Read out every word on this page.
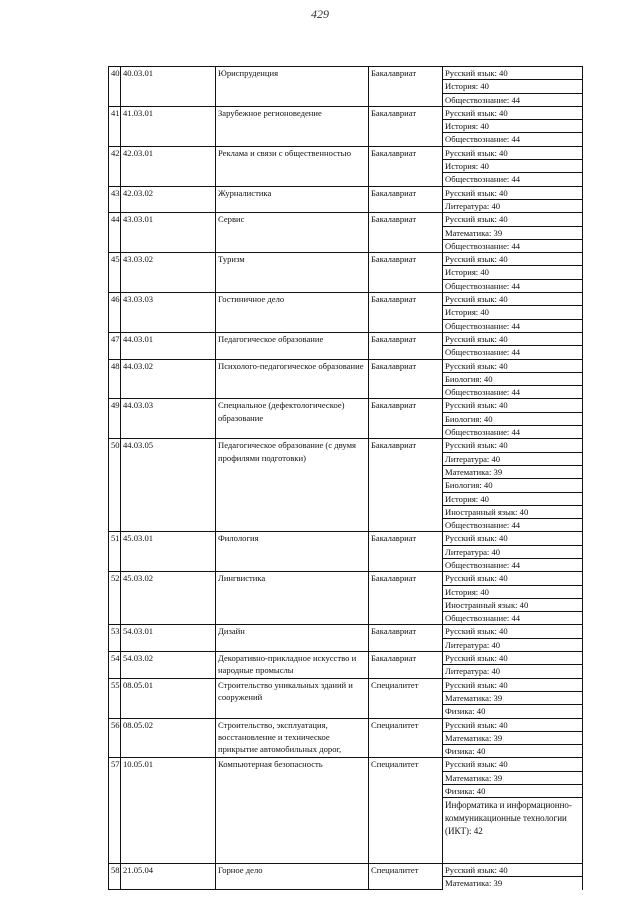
429
40	40.03.01	Юриспруденция	Бакалавриат	Русский язык: 40
				История: 40
				Обществознание: 44
41	41.03.01	Зарубежное регионоведение	Бакалавриат	Русский язык: 40
				История: 40
				Обществознание: 44
42	42.03.01	Реклама и связи с общественностью	Бакалавриат	Русский язык: 40
				История: 40
				Обществознание: 44
43	42.03.02	Журналистика	Бакалавриат	Русский язык: 40
				Литература: 40
44	43.03.01	Сервис	Бакалавриат	Русский язык: 40
				Математика: 39
				Обществознание: 44
45	43.03.02	Туризм	Бакалавриат	Русский язык: 40
				История: 40
				Обществознание: 44
46	43.03.03	Гостиничное дело	Бакалавриат	Русский язык: 40
				История: 40
				Обществознание: 44
47	44.03.01	Педагогическое образование	Бакалавриат	Русский язык: 40
				Обществознание: 44
48	44.03.02	Психолого-педагогическое образование	Бакалавриат	Русский язык: 40
				Биология: 40
				Обществознание: 44
49	44.03.03	Специальное (дефектологическое) образование	Бакалавриат	Русский язык: 40
				Биология: 40
				Обществознание: 44
50	44.03.05	Педагогическое образование (с двумя профилями подготовки)	Бакалавриат	Русский язык: 40
				Литература: 40
				Математика: 39
				Биология: 40
				История: 40
				Иностранный язык: 40
				Обществознание: 44
51	45.03.01	Филология	Бакалавриат	Русский язык: 40
				Литература: 40
				Обществознание: 44
52	45.03.02	Лингвистика	Бакалавриат	Русский язык: 40
				История: 40
				Иностранный язык: 40
				Обществознание: 44
53	54.03.01	Дизайн	Бакалавриат	Русский язык: 40
				Литература: 40
54	54.03.02	Декоративно-прикладное искусство и народные промыслы	Бакалавриат	Русский язык: 40
				Литература: 40
55	08.05.01	Строительство уникальных зданий и сооружений	Специалитет	Русский язык: 40
				Математика: 39
				Физика: 40
56	08.05.02	Строительство, эксплуатация, восстановление и техническое прикрытие автомобильных дорог,	Специалитет	Русский язык: 40
				Математика: 39
				Физика: 40
57	10.05.01	Компьютерная безопасность	Специалитет	Русский язык: 40
				Математика: 39
				Физика: 40
				Информатика и информационно-коммуникационные технологии (ИКТ): 42
58	21.05.04	Горное дело	Специалитет	Русский язык: 40
				Математика: 39
